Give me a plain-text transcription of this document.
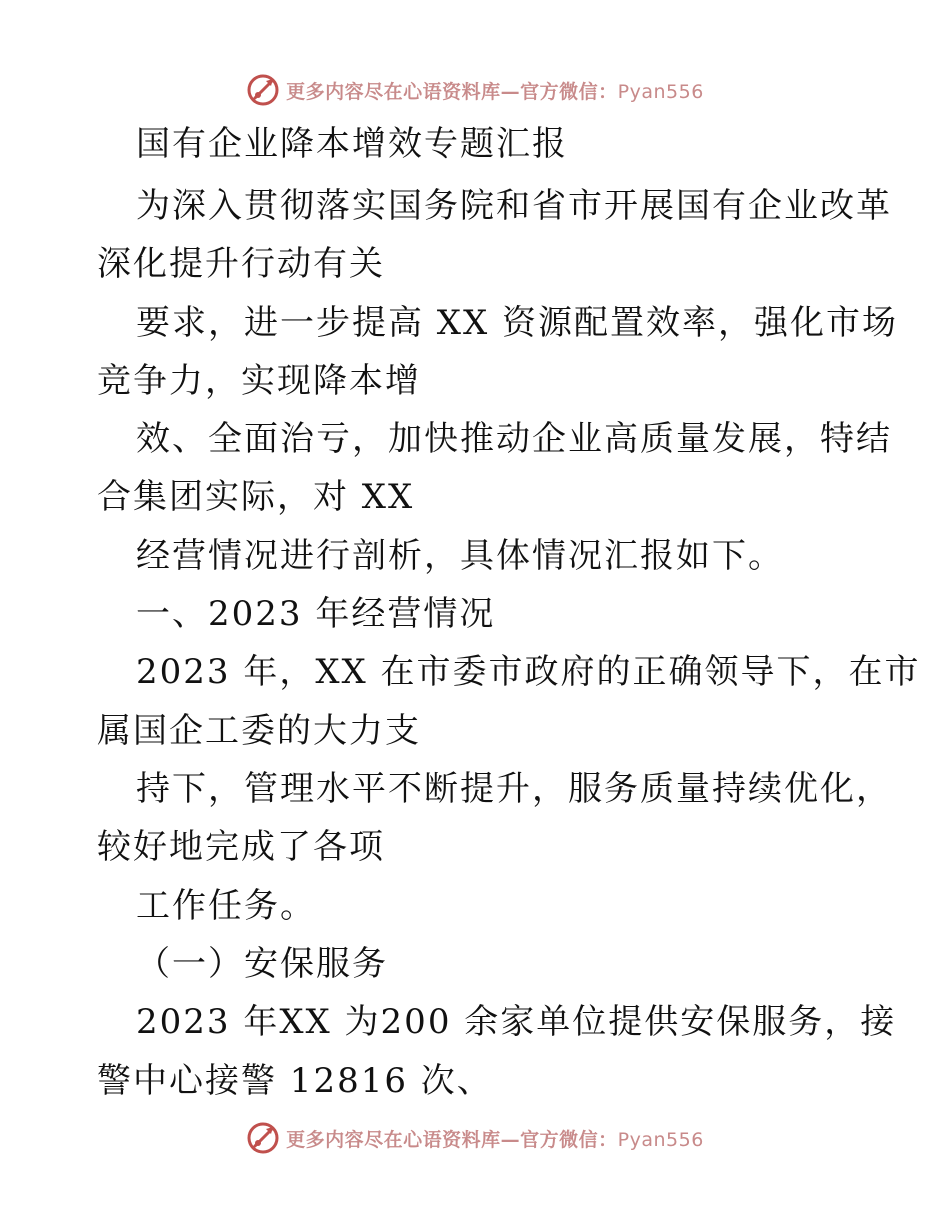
更多内容尽在心语资料库—官方微信：Pyan556
国有企业降本增效专题汇报
为深入贯彻落实国务院和省市开展国有企业改革
深化提升行动有关
要求，进一步提高 XX 资源配置效率，强化市场
竞争力，实现降本增
效、全面治亏，加快推动企业高质量发展，特结
合集团实际，对 XX
经营情况进行剖析，具体情况汇报如下。
一、2023 年经营情况
2023 年，XX 在市委市政府的正确领导下，在市
属国企工委的大力支
持下，管理水平不断提升，服务质量持续优化，
较好地完成了各项
工作任务。
（一）安保服务
2023 年XX 为200 余家单位提供安保服务，接
警中心接警 12816 次、
更多内容尽在心语资料库—官方微信：Pyan556
